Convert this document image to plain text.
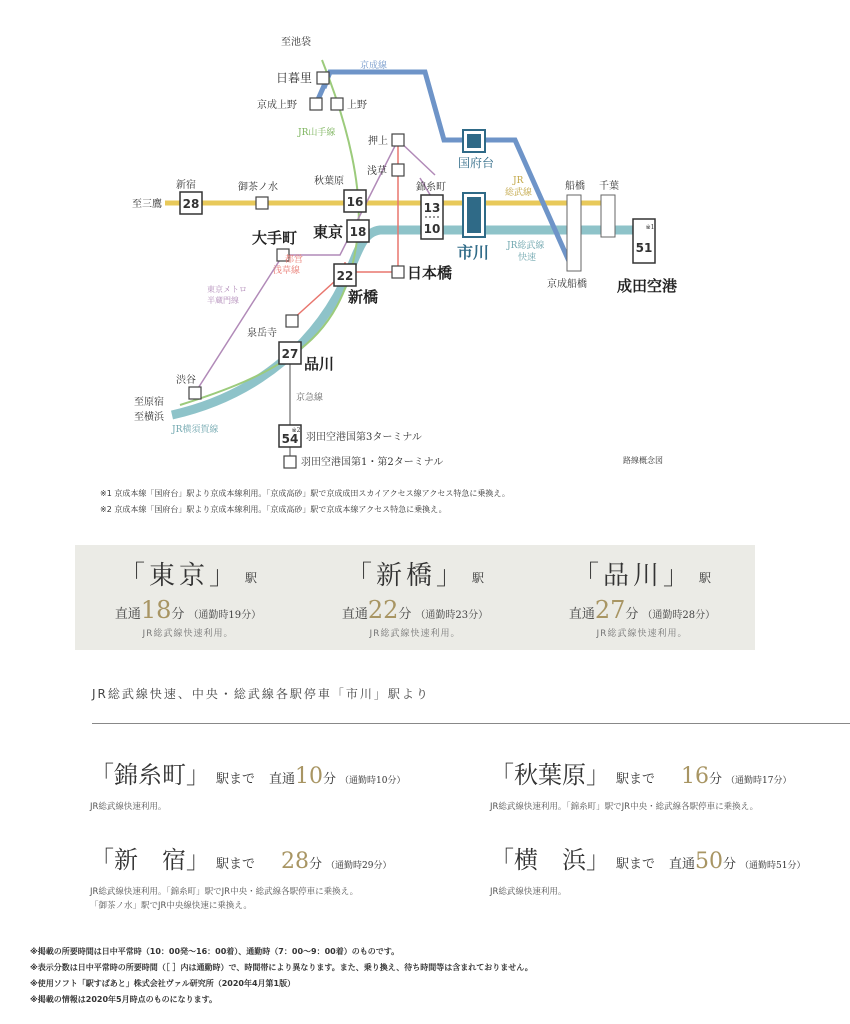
28	16
18
13
10
22
27
※2
54
※1
51
至池袋
日暮里
京成上野	上野
京成線
JR山手線
押上
浅草
錦糸町
秋葉原
御茶ノ水
新宿
至三鷹
大手町 東京
日本橋
新橋
都営
浅草線
東京メトロ
半蔵門線
泉岳寺
品川
渋谷
至原宿
至横浜
JR横須賀線
京急線
羽田空港国第3ターミナル
羽田空港国第1・第2ターミナル
国府台
市川
JR
総武線
JR総武線
快速
船橋 千葉
京成船橋 成田空港
路線概念図
※1 京成本線「国府台」駅より京成本線利用。「京成高砂」駅で京成成田スカイアクセス線アクセス特急に乗換え。
※2 京成本線「国府台」駅より京成本線利用。「京成高砂」駅で京成本線アクセス特急に乗換え。
「東京」 駅
直通18分 （通勤時19分）
JR総武線快速利用。
「新橋」 駅
直通22分 （通勤時23分）
JR総武線快速利用。
「品川」 駅
直通27分 （通勤時28分）
JR総武線快速利用。
JR総武線快速、中央・総武線各駅停車「市川」駅より
「錦糸町」 駅まで 直通10分 （通勤時10分）
JR総武線快速利用。
「秋葉原」 駅まで 16分 （通勤時17分）
JR総武線快速利用。「錦糸町」駅でJR中央・総武線各駅停車に乗換え。
「新　宿」 駅まで 28分 （通勤時29分）
JR総武線快速利用。「錦糸町」駅でJR中央・総武線各駅停車に乗換え。
「御茶ノ水」駅でJR中央線快速に乗換え。
「横　浜」 駅まで 直通50分 （通勤時51分）
JR総武線快速利用。
※掲載の所要時間は日中平常時（10：00発～16：00着）、通勤時（7：00～9：00着）のものです。
※表示分数は日中平常時の所要時間（［ ］内は通勤時）で、時間帯により異なります。また、乗り換え、待ち時間等は含まれておりません。
※使用ソフト「駅すぱあと」株式会社ヴァル研究所（2020年4月第1版）
※掲載の情報は2020年5月時点のものになります。
